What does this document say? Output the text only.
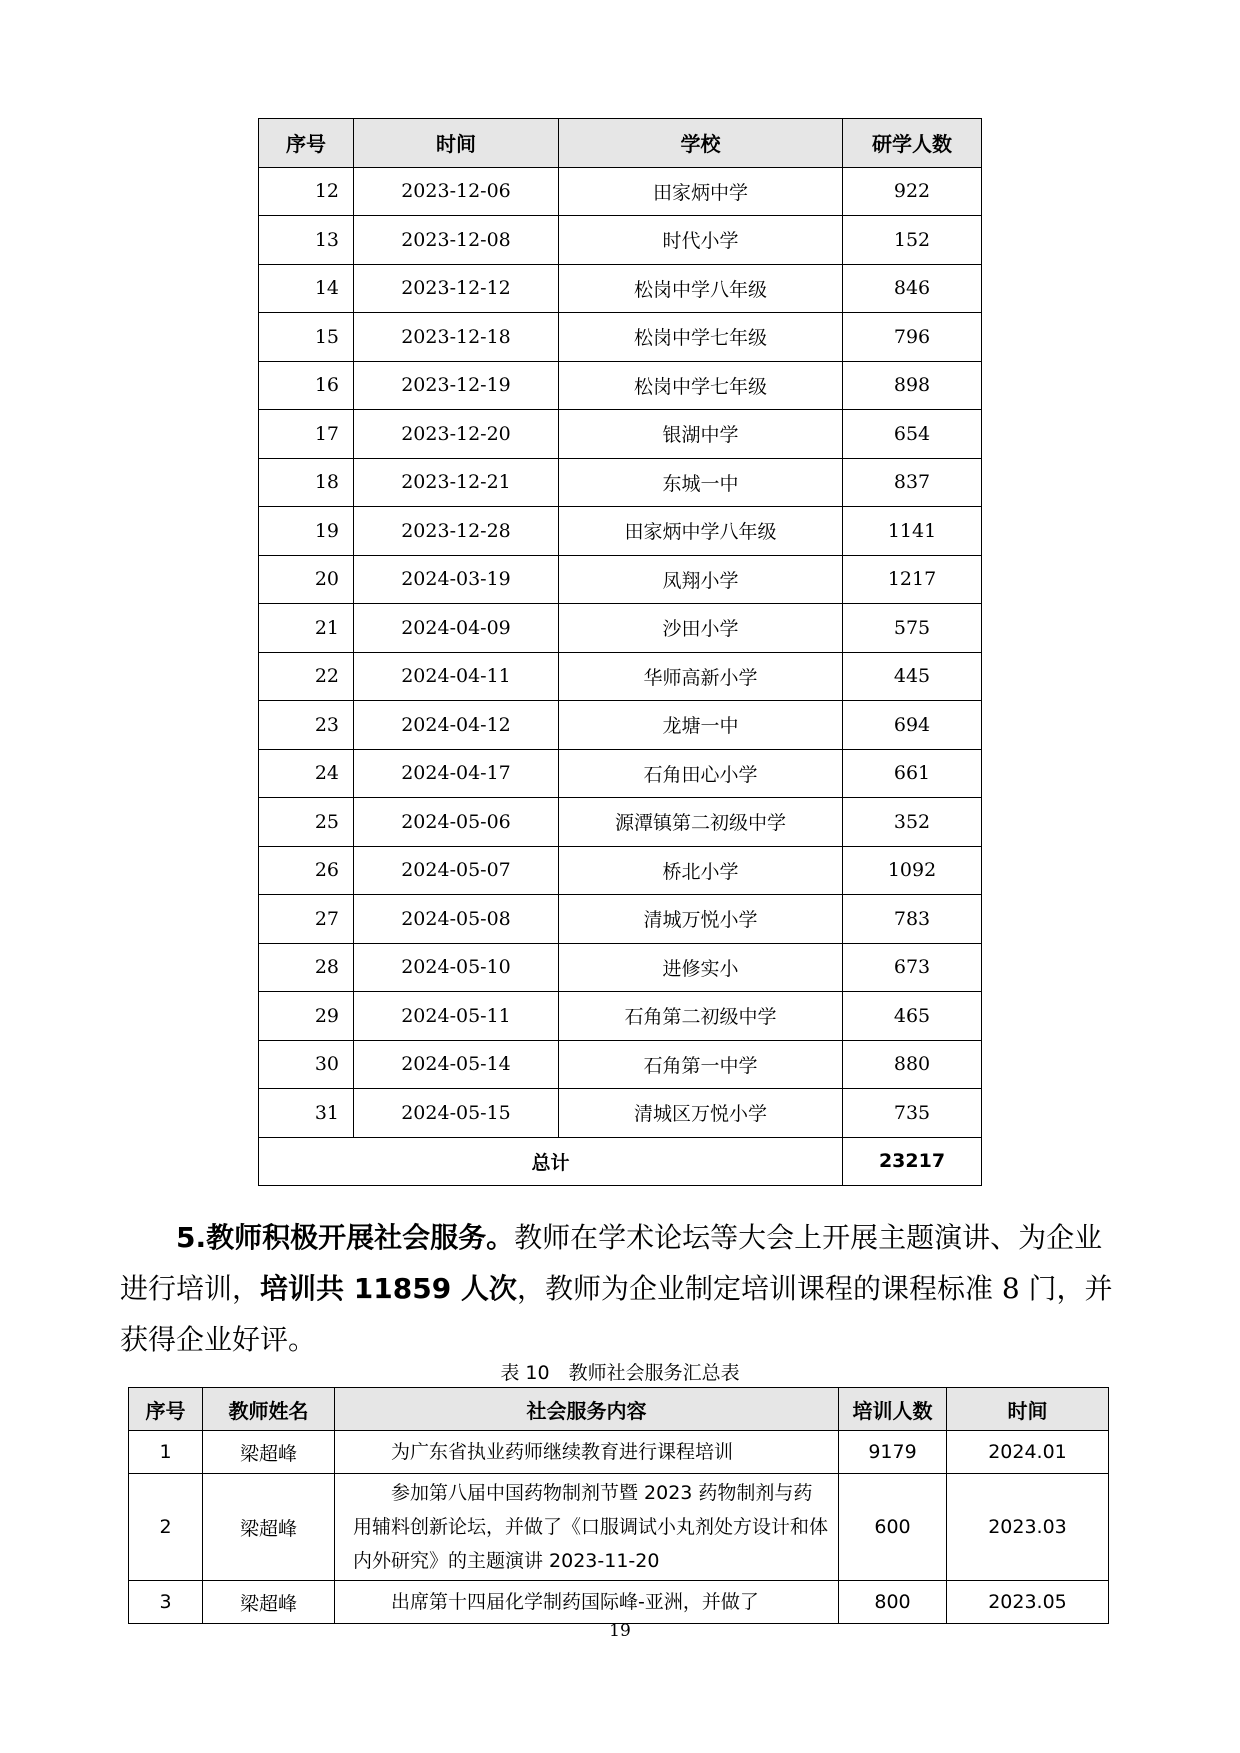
序号	时间	学校	研学人数
12	2023-12-06	田家炳中学	922
13	2023-12-08	时代小学	152
14	2023-12-12	松岗中学八年级	846
15	2023-12-18	松岗中学七年级	796
16	2023-12-19	松岗中学七年级	898
17	2023-12-20	银湖中学	654
18	2023-12-21	东城一中	837
19	2023-12-28	田家炳中学八年级	1141
20	2024-03-19	凤翔小学	1217
21	2024-04-09	沙田小学	575
22	2024-04-11	华师高新小学	445
23	2024-04-12	龙塘一中	694
24	2024-04-17	石角田心小学	661
25	2024-05-06	源潭镇第二初级中学	352
26	2024-05-07	桥北小学	1092
27	2024-05-08	清城万悦小学	783
28	2024-05-10	进修实小	673
29	2024-05-11	石角第二初级中学	465
30	2024-05-14	石角第一中学	880
31	2024-05-15	清城区万悦小学	735
总计			23217

5.教师积极开展社会服务。教师在学术论坛等大会上开展主题演讲、为企业进行培训，培训共 11859 人次，教师为企业制定培训课程的课程标准 8 门，并获得企业好评。

表 10　教师社会服务汇总表
序号	教师姓名	社会服务内容	培训人数	时间
1	梁超峰	为广东省执业药师继续教育进行课程培训	9179	2024.01
2	梁超峰	参加第八届中国药物制剂节暨 2023 药物制剂与药用辅料创新论坛，并做了《口服调试小丸剂处方设计和体内外研究》的主题演讲 2023-11-20	600	2023.03
3	梁超峰	出席第十四届化学制药国际峰-亚洲，并做了	800	2023.05
19
